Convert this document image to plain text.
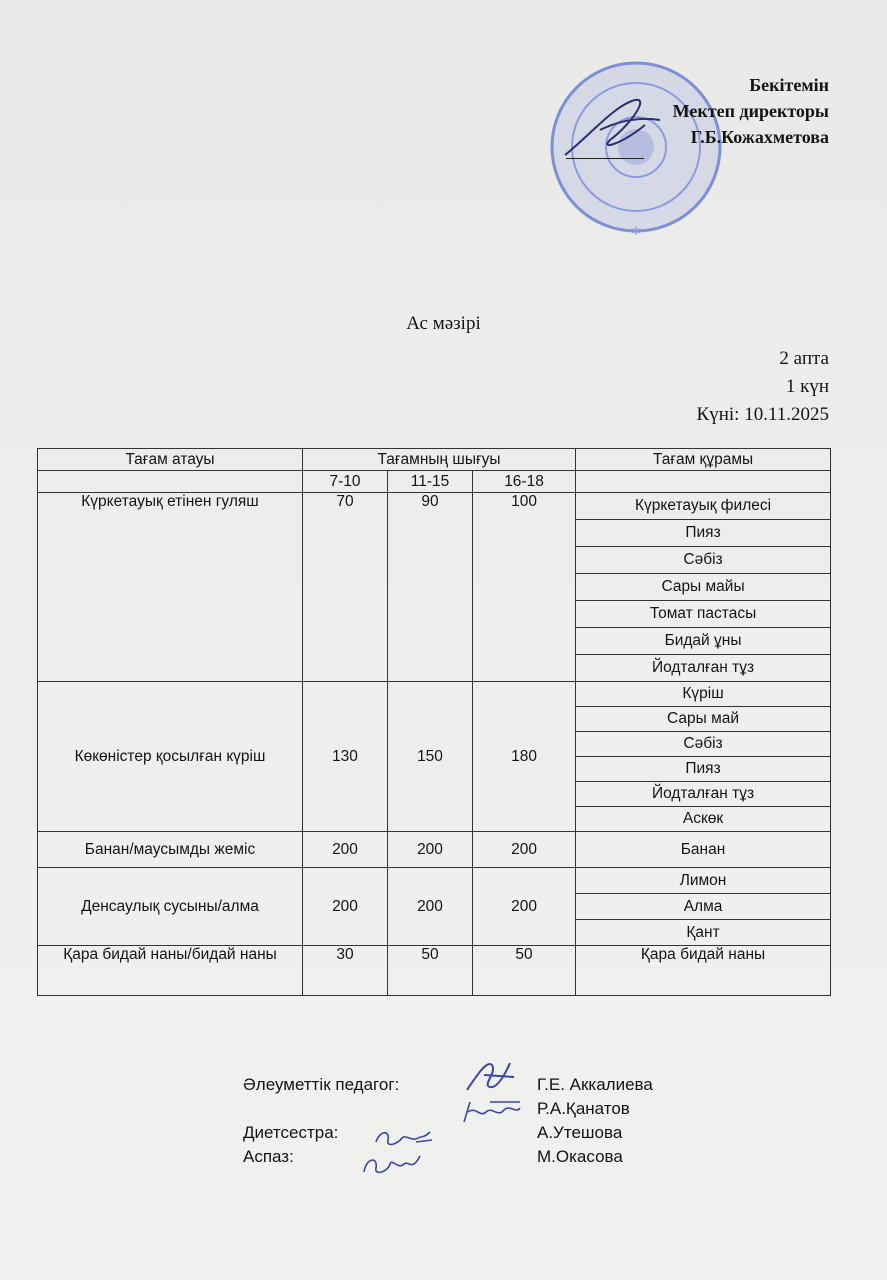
✻
Бекітемін
Мектеп директоры
Г.Б.Кожахметова
Ас мәзірі
2 апта
1 күн
Күні: 10.11.2025
Тағам атауы	Тағамның шығуы			Тағам құрамы
	7-10	11-15	16-18	
Күркетауық етінен гуляш	70	90	100	Күркетауық филесі
				Пияз
				Сәбіз
				Сары майы
				Томат пастасы
				Бидай ұны
				Йодталған тұз
Көкөністер қосылған күріш	130	150	180	Күріш
				Сары май
				Сәбіз
				Пияз
				Йодталған тұз
				Аскөк
Банан/маусымды жеміс	200	200	200	Банан
Денсаулық сусыны/алма	200	200	200	Лимон
				Алма
				Қант
Қара бидай наны/бидай наны	30	50	50	Қара бидай наны
Әлеуметтік педагог:	Г.Е. Аккалиева
Р.А.Қанатов
Диетсестра:	А.Утешова
Аспаз:	М.Окасова
